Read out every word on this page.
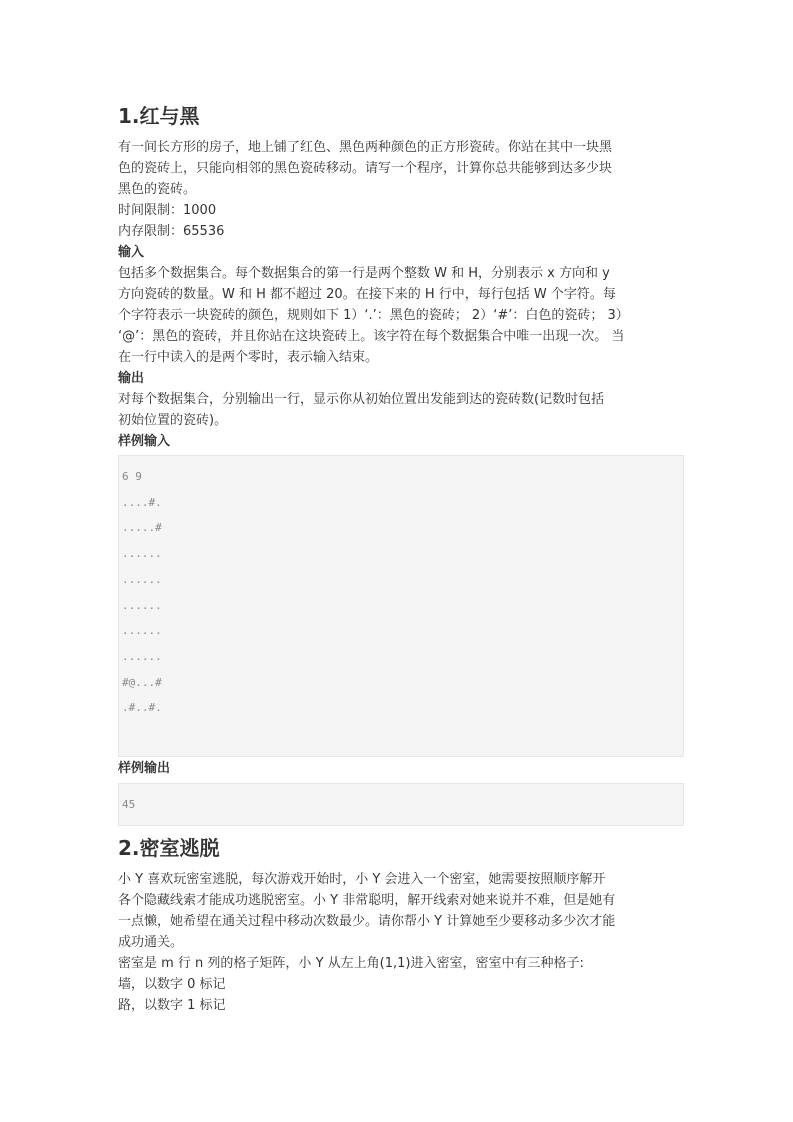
1.红与黑

有一间长方形的房子，地上铺了红色、黑色两种颜色的正方形瓷砖。你站在其中一块黑

色的瓷砖上，只能向相邻的黑色瓷砖移动。请写一个程序，计算你总共能够到达多少块

黑色的瓷砖。

时间限制：1000

内存限制：65536

输入

包括多个数据集合。每个数据集合的第一行是两个整数 W 和 H，分别表示 x 方向和 y

方向瓷砖的数量。W 和 H 都不超过 20。在接下来的 H 行中，每行包括 W 个字符。每

个字符表示一块瓷砖的颜色，规则如下 1）‘.’：黑色的瓷砖； 2）‘#’：白色的瓷砖； 3）

‘@’：黑色的瓷砖，并且你站在这块瓷砖上。该字符在每个数据集合中唯一出现一次。 当

在一行中读入的是两个零时，表示输入结束。

输出

对每个数据集合，分别输出一行，显示你从初始位置出发能到达的瓷砖数(记数时包括

初始位置的瓷砖)。

样例输入

6 9
....#.
.....#
......
......
......
......
......
#@...#
.#..#.

样例输出

45
2.密室逃脱

小 Y 喜欢玩密室逃脱，每次游戏开始时，小 Y 会进入一个密室，她需要按照顺序解开

各个隐藏线索才能成功逃脱密室。小 Y 非常聪明，解开线索对她来说并不难，但是她有

一点懒，她希望在通关过程中移动次数最少。请你帮小 Y 计算她至少要移动多少次才能

成功通关。

密室是 m 行 n 列的格子矩阵，小 Y 从左上角(1,1)进入密室，密室中有三种格子:

墙，以数字 0 标记

路，以数字 1 标记
